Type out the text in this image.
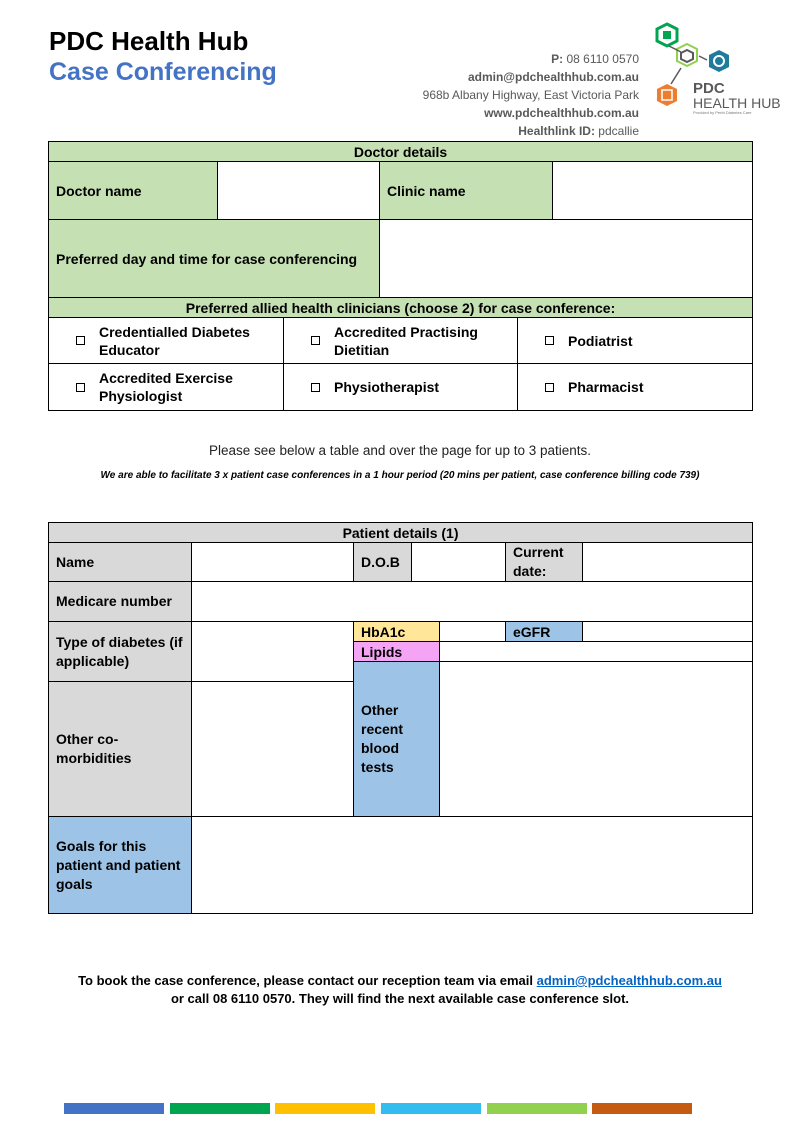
PDC Health Hub
Case Conferencing	P: 08 6110 0570
admin@pdchealthhub.com.au
968b Albany Highway, East Victoria Park
www.pdchealthhub.com.au
Healthlink ID: pdcallie
PDC
HEALTH HUB
Provided by Perth Diabetes Care
Doctor details			
Doctor name		Clinic name	
Preferred day and time for case conferencing			
Preferred allied health clinicians (choose 2) for case conference:			
Credentialled Diabetes Educator	Accredited Practising Dietitian	Podiatrist

Accredited Exercise Physiologist	Physiotherapist	Pharmacist
Please see below a table and over the page for up to 3 patients.
We are able to facilitate 3 x patient case conferences in a 1 hour period (20 mins per patient, case conference billing code 739)
Patient details (1)					
Name		D.O.B		Current date:	
Medicare number					
Type of diabetes (if applicable)		HbA1c		eGFR	
		Lipids			
		Other recent blood tests			
Other co-morbidities					
Goals for this patient and patient goals					
To book the case conference, please contact our reception team via email admin@pdchealthhub.com.au
or call 08 6110 0570. They will find the next available case conference slot.
